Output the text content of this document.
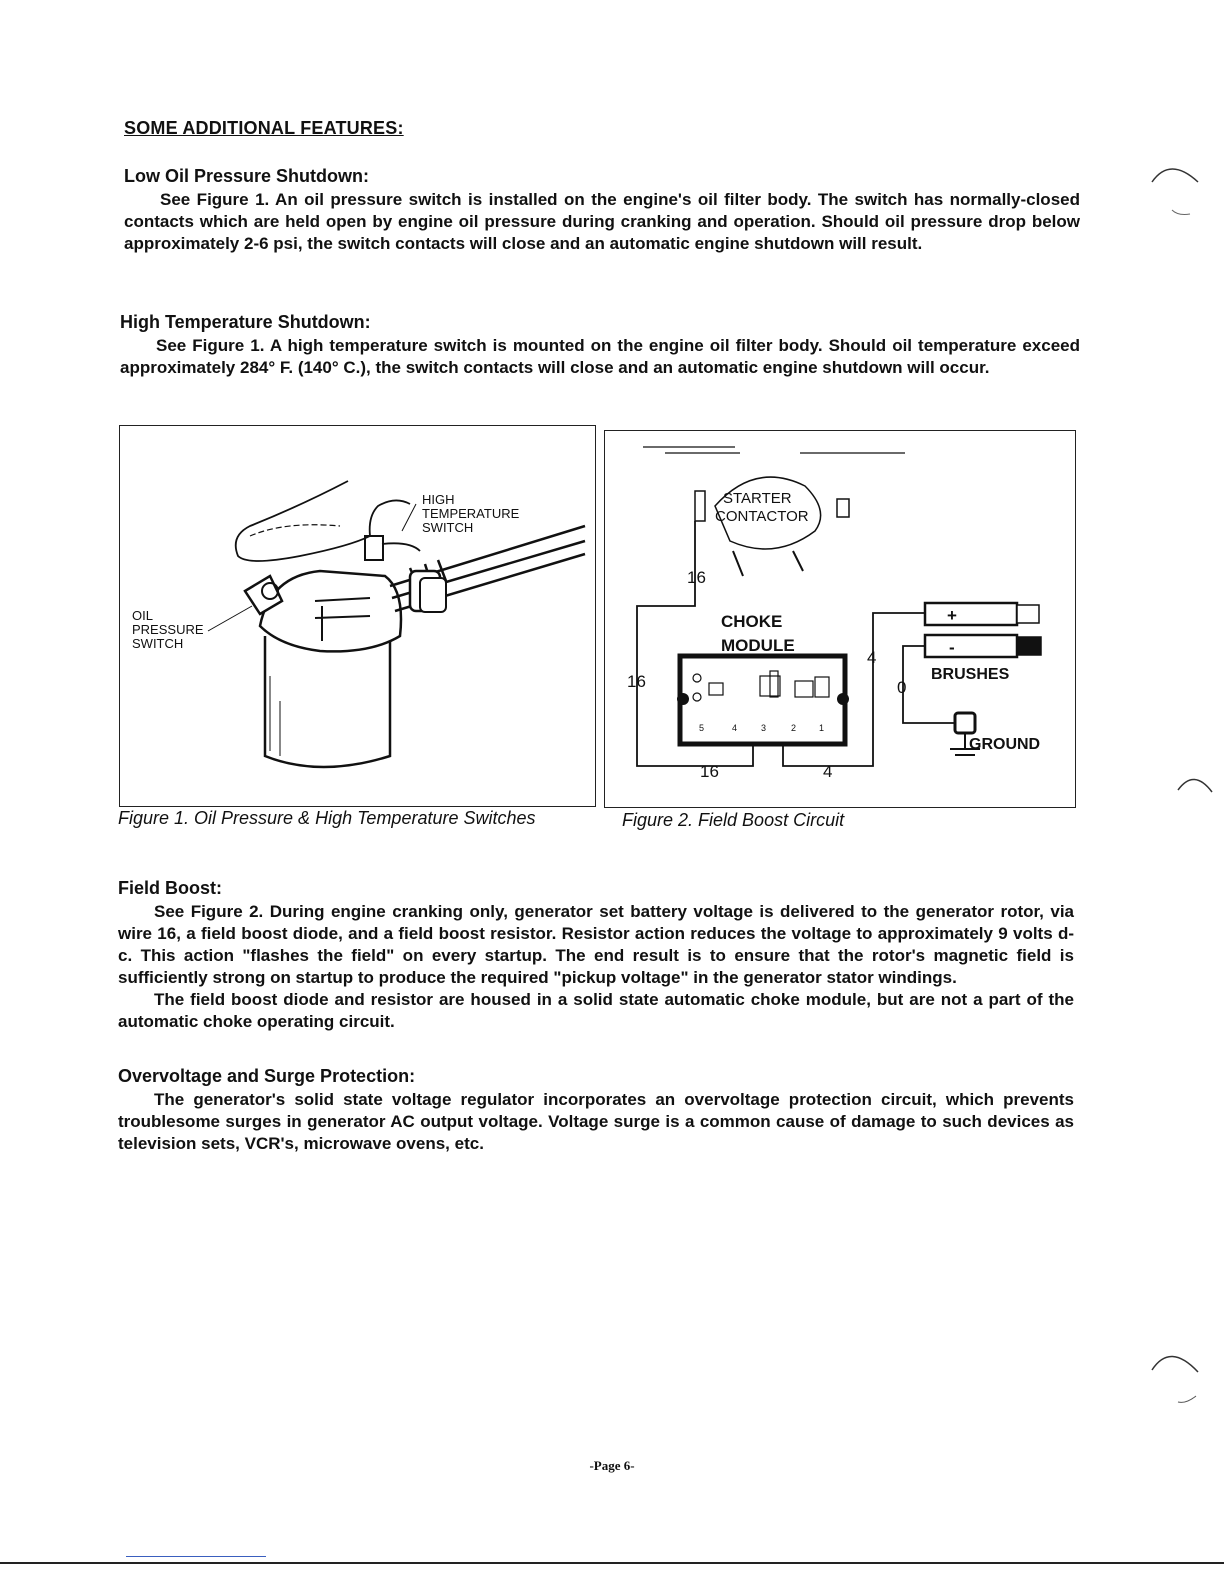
SOME ADDITIONAL FEATURES:
Low Oil Pressure Shutdown:

See Figure 1. An oil pressure switch is installed on the engine's oil filter body. The switch has normally-closed contacts which are held open by engine oil pressure during cranking and operation. Should oil pressure drop below approximately 2-6 psi, the switch contacts will close and an automatic engine shutdown will result.

High Temperature Shutdown:

See Figure 1. A high temperature switch is mounted on the engine oil filter body. Should oil temperature exceed approximately 284° F. (140° C.), the switch contacts will close and an automatic engine shutdown will occur.

HIGH
TEMPERATURE
SWITCH
OIL
PRESSURE
SWITCH
Figure 1. Oil Pressure & High Temperature Switches
STARTER
CONTACTOR
16
16
16
CHOKE
MODULE
5	4	3	2	1
4
4
+
-
BRUSHES
0
GROUND
Figure 2. Field Boost Circuit
Field Boost:

See Figure 2. During engine cranking only, generator set battery voltage is delivered to the generator rotor, via wire 16, a field boost diode, and a field boost resistor. Resistor action reduces the voltage to approximately 9 volts d-c. This action "flashes the field" on every startup. The end result is to ensure that the rotor's magnetic field is sufficiently strong on startup to produce the required "pickup voltage" in the generator stator windings.

The field boost diode and resistor are housed in a solid state automatic choke module, but are not a part of the automatic choke operating circuit.

Overvoltage and Surge Protection:

The generator's solid state voltage regulator incorporates an overvoltage protection circuit, which prevents troublesome surges in generator AC output voltage. Voltage surge is a common cause of damage to such devices as television sets, VCR's, microwave ovens, etc.

-Page 6-
